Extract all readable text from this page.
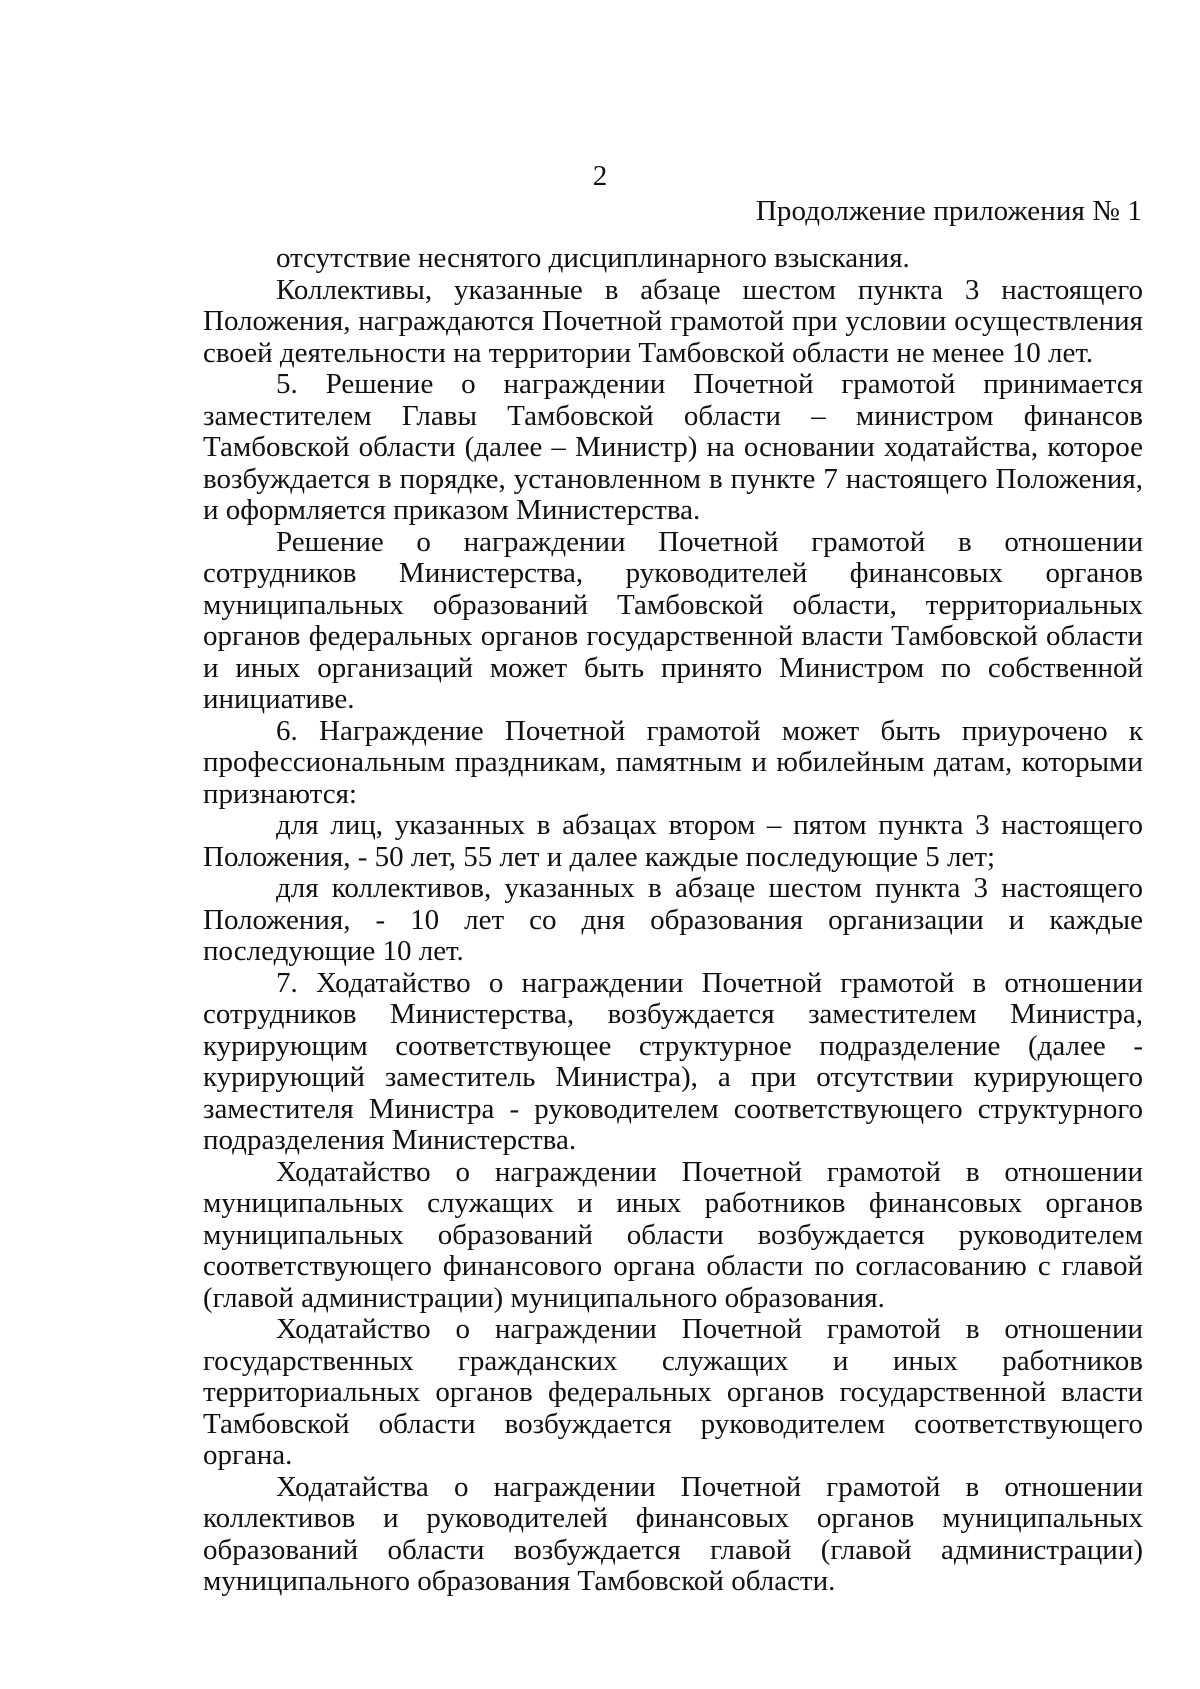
2
Продолжение приложения № 1

отсутствие неснятого дисциплинарного взыскания.

Коллективы, указанные в абзаце шестом пункта 3 настоящего Положения, награждаются Почетной грамотой при условии осуществления своей деятельности на территории Тамбовской области не менее 10 лет.

5. Решение о награждении Почетной грамотой принимается заместителем Главы Тамбовской области – министром финансов Тамбовской области (далее – Министр) на основании ходатайства, которое возбуждается в порядке, установленном в пункте 7 настоящего Положения, и оформляется приказом Министерства.

Решение о награждении Почетной грамотой в отношении сотрудников Министерства, руководителей финансовых органов муниципальных образований Тамбовской области, территориальных органов федеральных органов государственной власти Тамбовской области и иных организаций может быть принято Министром по собственной инициативе.

6. Награждение Почетной грамотой может быть приурочено к профессиональным праздникам, памятным и юбилейным датам, которыми признаются:

для лиц, указанных в абзацах втором – пятом пункта 3 настоящего Положения, - 50 лет, 55 лет и далее каждые последующие 5 лет;

для коллективов, указанных в абзаце шестом пункта 3 настоящего Положения, - 10 лет со дня образования организации и каждые последующие 10 лет.

7. Ходатайство о награждении Почетной грамотой в отношении сотрудников Министерства, возбуждается заместителем Министра, курирующим соответствующее структурное подразделение (далее - курирующий заместитель Министра), а при отсутствии курирующего заместителя Министра - руководителем соответствующего структурного подразделения Министерства.

Ходатайство о награждении Почетной грамотой в отношении муниципальных служащих и иных работников финансовых органов муниципальных образований области возбуждается руководителем соответствующего финансового органа области по согласованию с главой (главой администрации) муниципального образования.

Ходатайство о награждении Почетной грамотой в отношении государственных гражданских служащих и иных работников территориальных органов федеральных органов государственной власти Тамбовской области возбуждается руководителем соответствующего органа.

Ходатайства о награждении Почетной грамотой в отношении коллективов и руководителей финансовых органов муниципальных образований области возбуждается главой (главой администрации) муниципального образования Тамбовской области.
